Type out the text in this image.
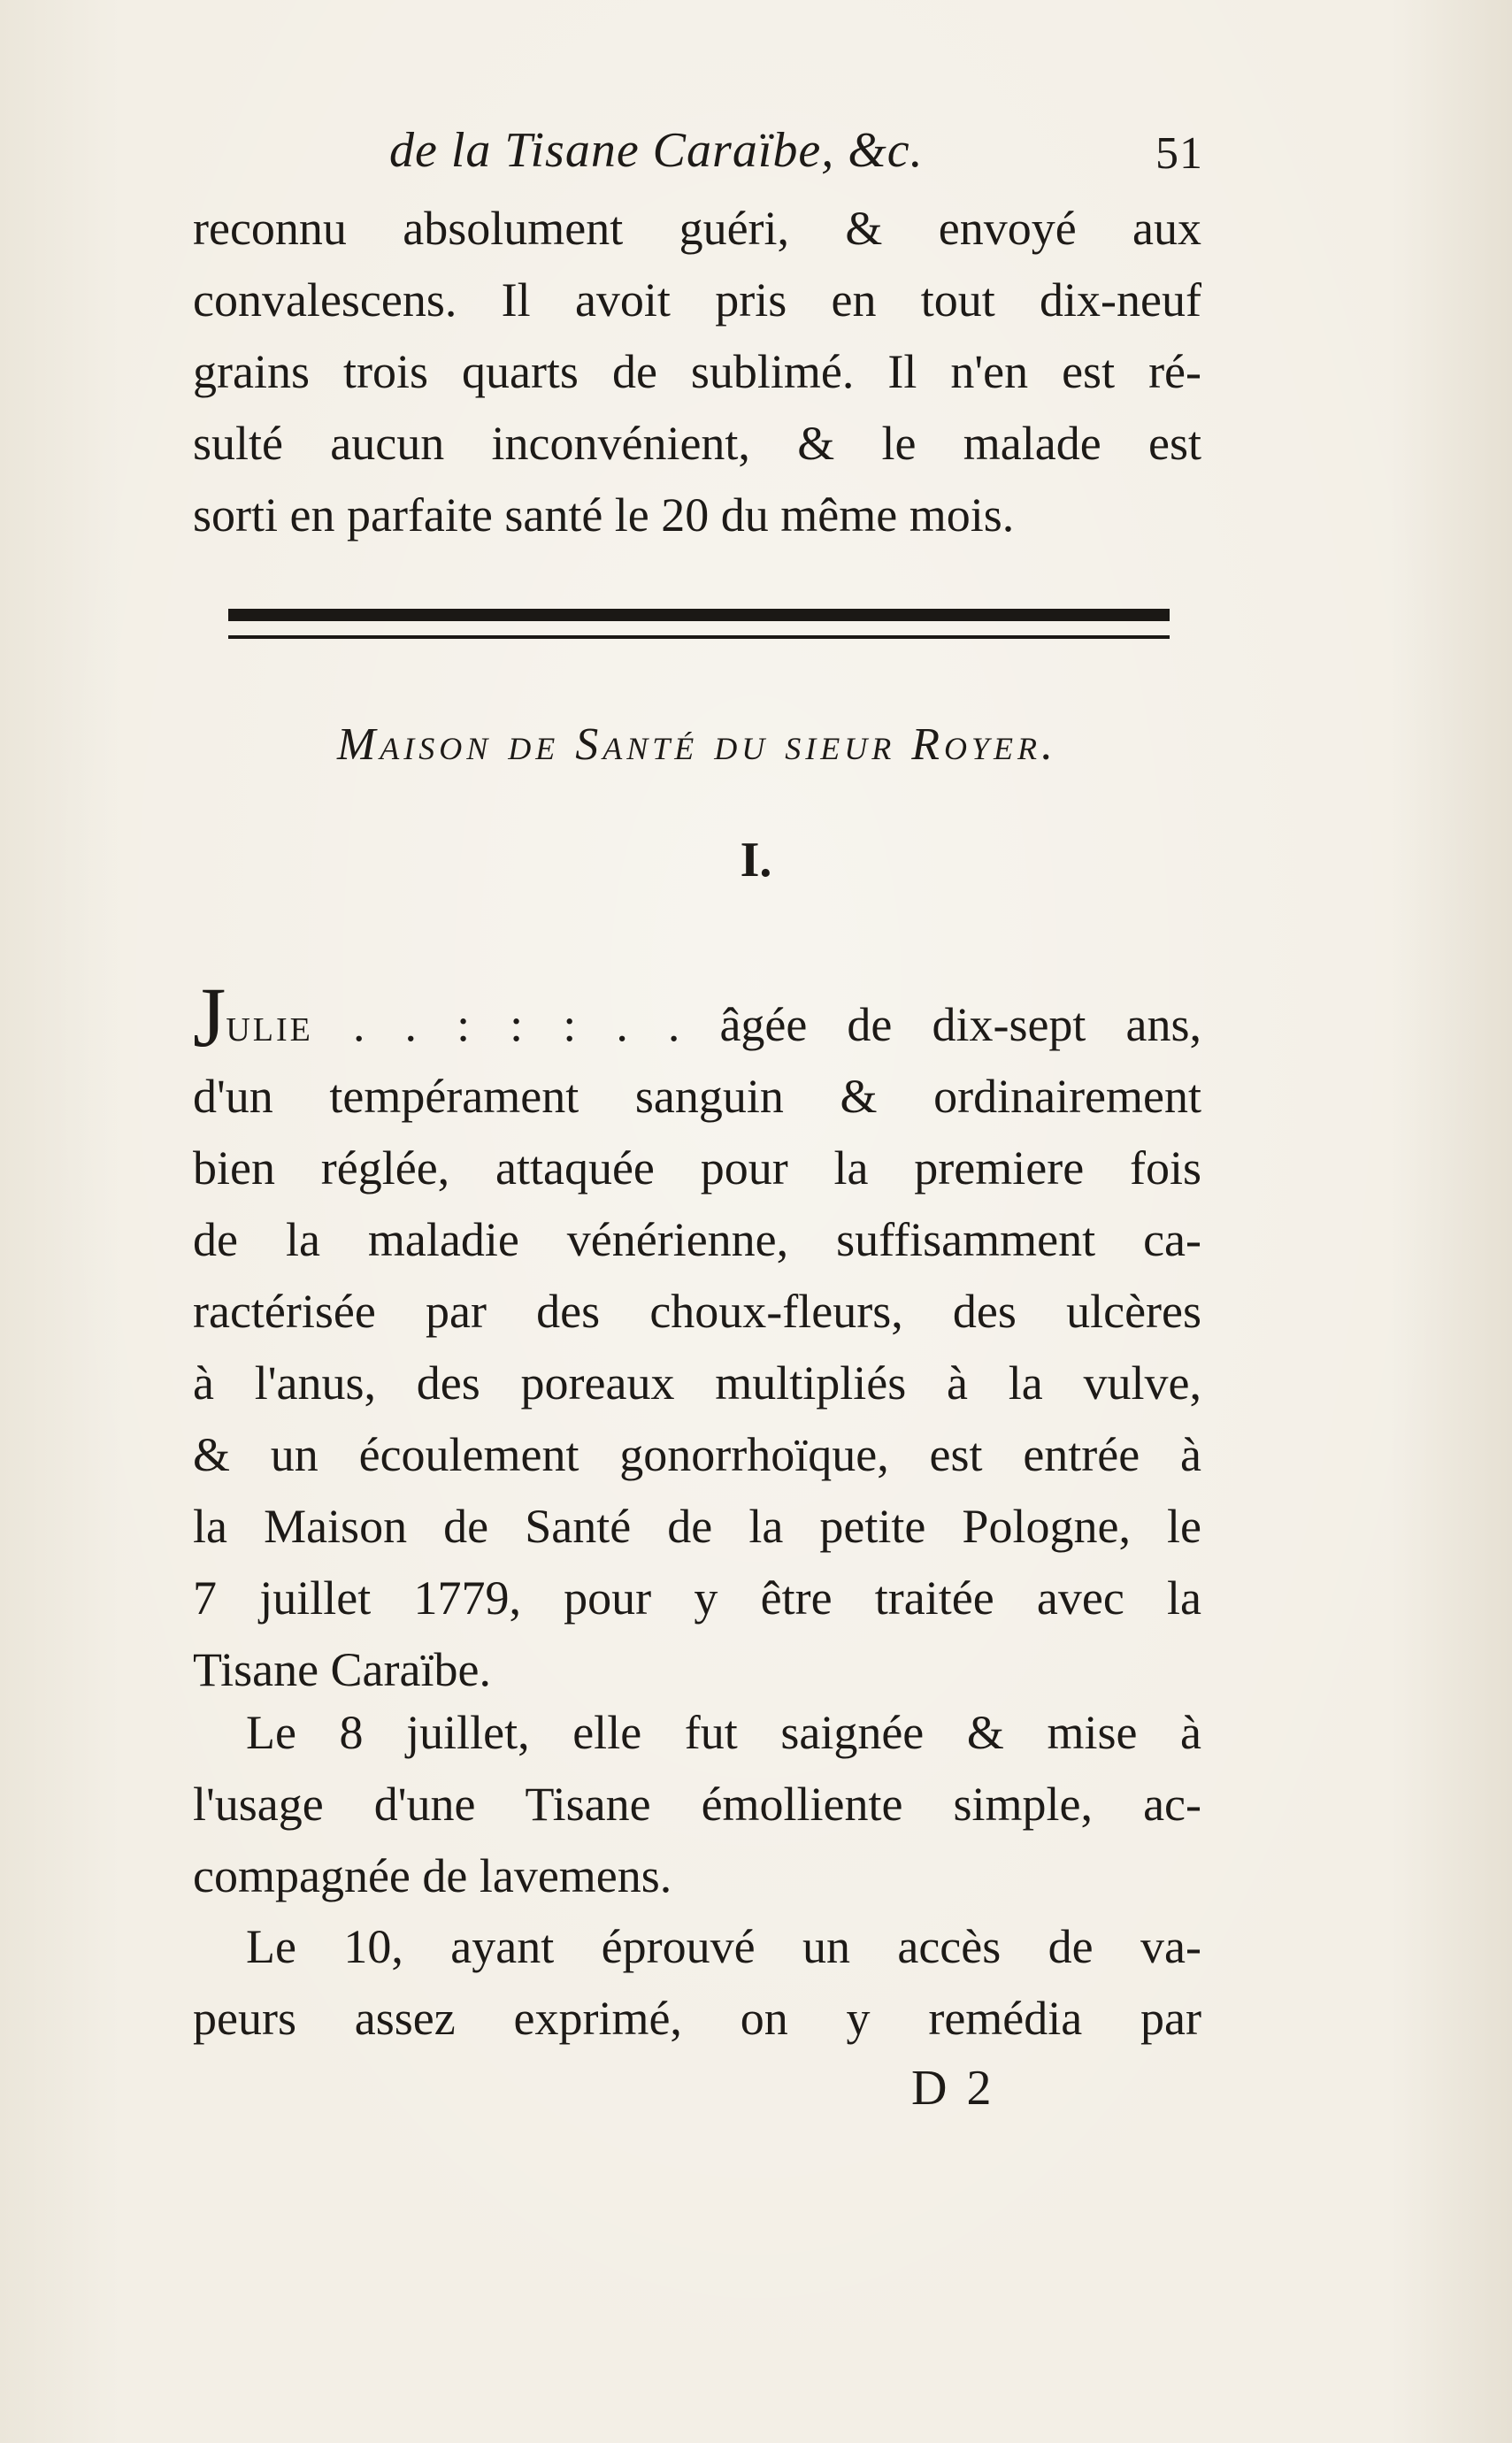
de la Tisane Caraïbe, &c.	51
reconnu absolument guéri, & envoyé aux
convalescens. Il avoit pris en tout dix-neuf
grains trois quarts de sublimé. Il n'en est ré-
sulté aucun inconvénient, & le malade est
sorti en parfaite santé le 20 du même mois.
Maison de Santé du sieur Royer.
I.
Julie . . : : : . . âgée de dix-sept ans,
d'un tempérament sanguin & ordinairement
bien réglée, attaquée pour la premiere fois
de la maladie vénérienne, suffisamment ca-
ractérisée par des choux-fleurs, des ulcères
à l'anus, des poreaux multipliés à la vulve,
& un écoulement gonorrhoïque, est entrée à
la Maison de Santé de la petite Pologne, le
7 juillet 1779, pour y être traitée avec la
Tisane Caraïbe.
Le 8 juillet, elle fut saignée & mise à
l'usage d'une Tisane émolliente simple, ac-
compagnée de lavemens.
Le 10, ayant éprouvé un accès de va-
peurs assez exprimé, on y remédia par
D 2
